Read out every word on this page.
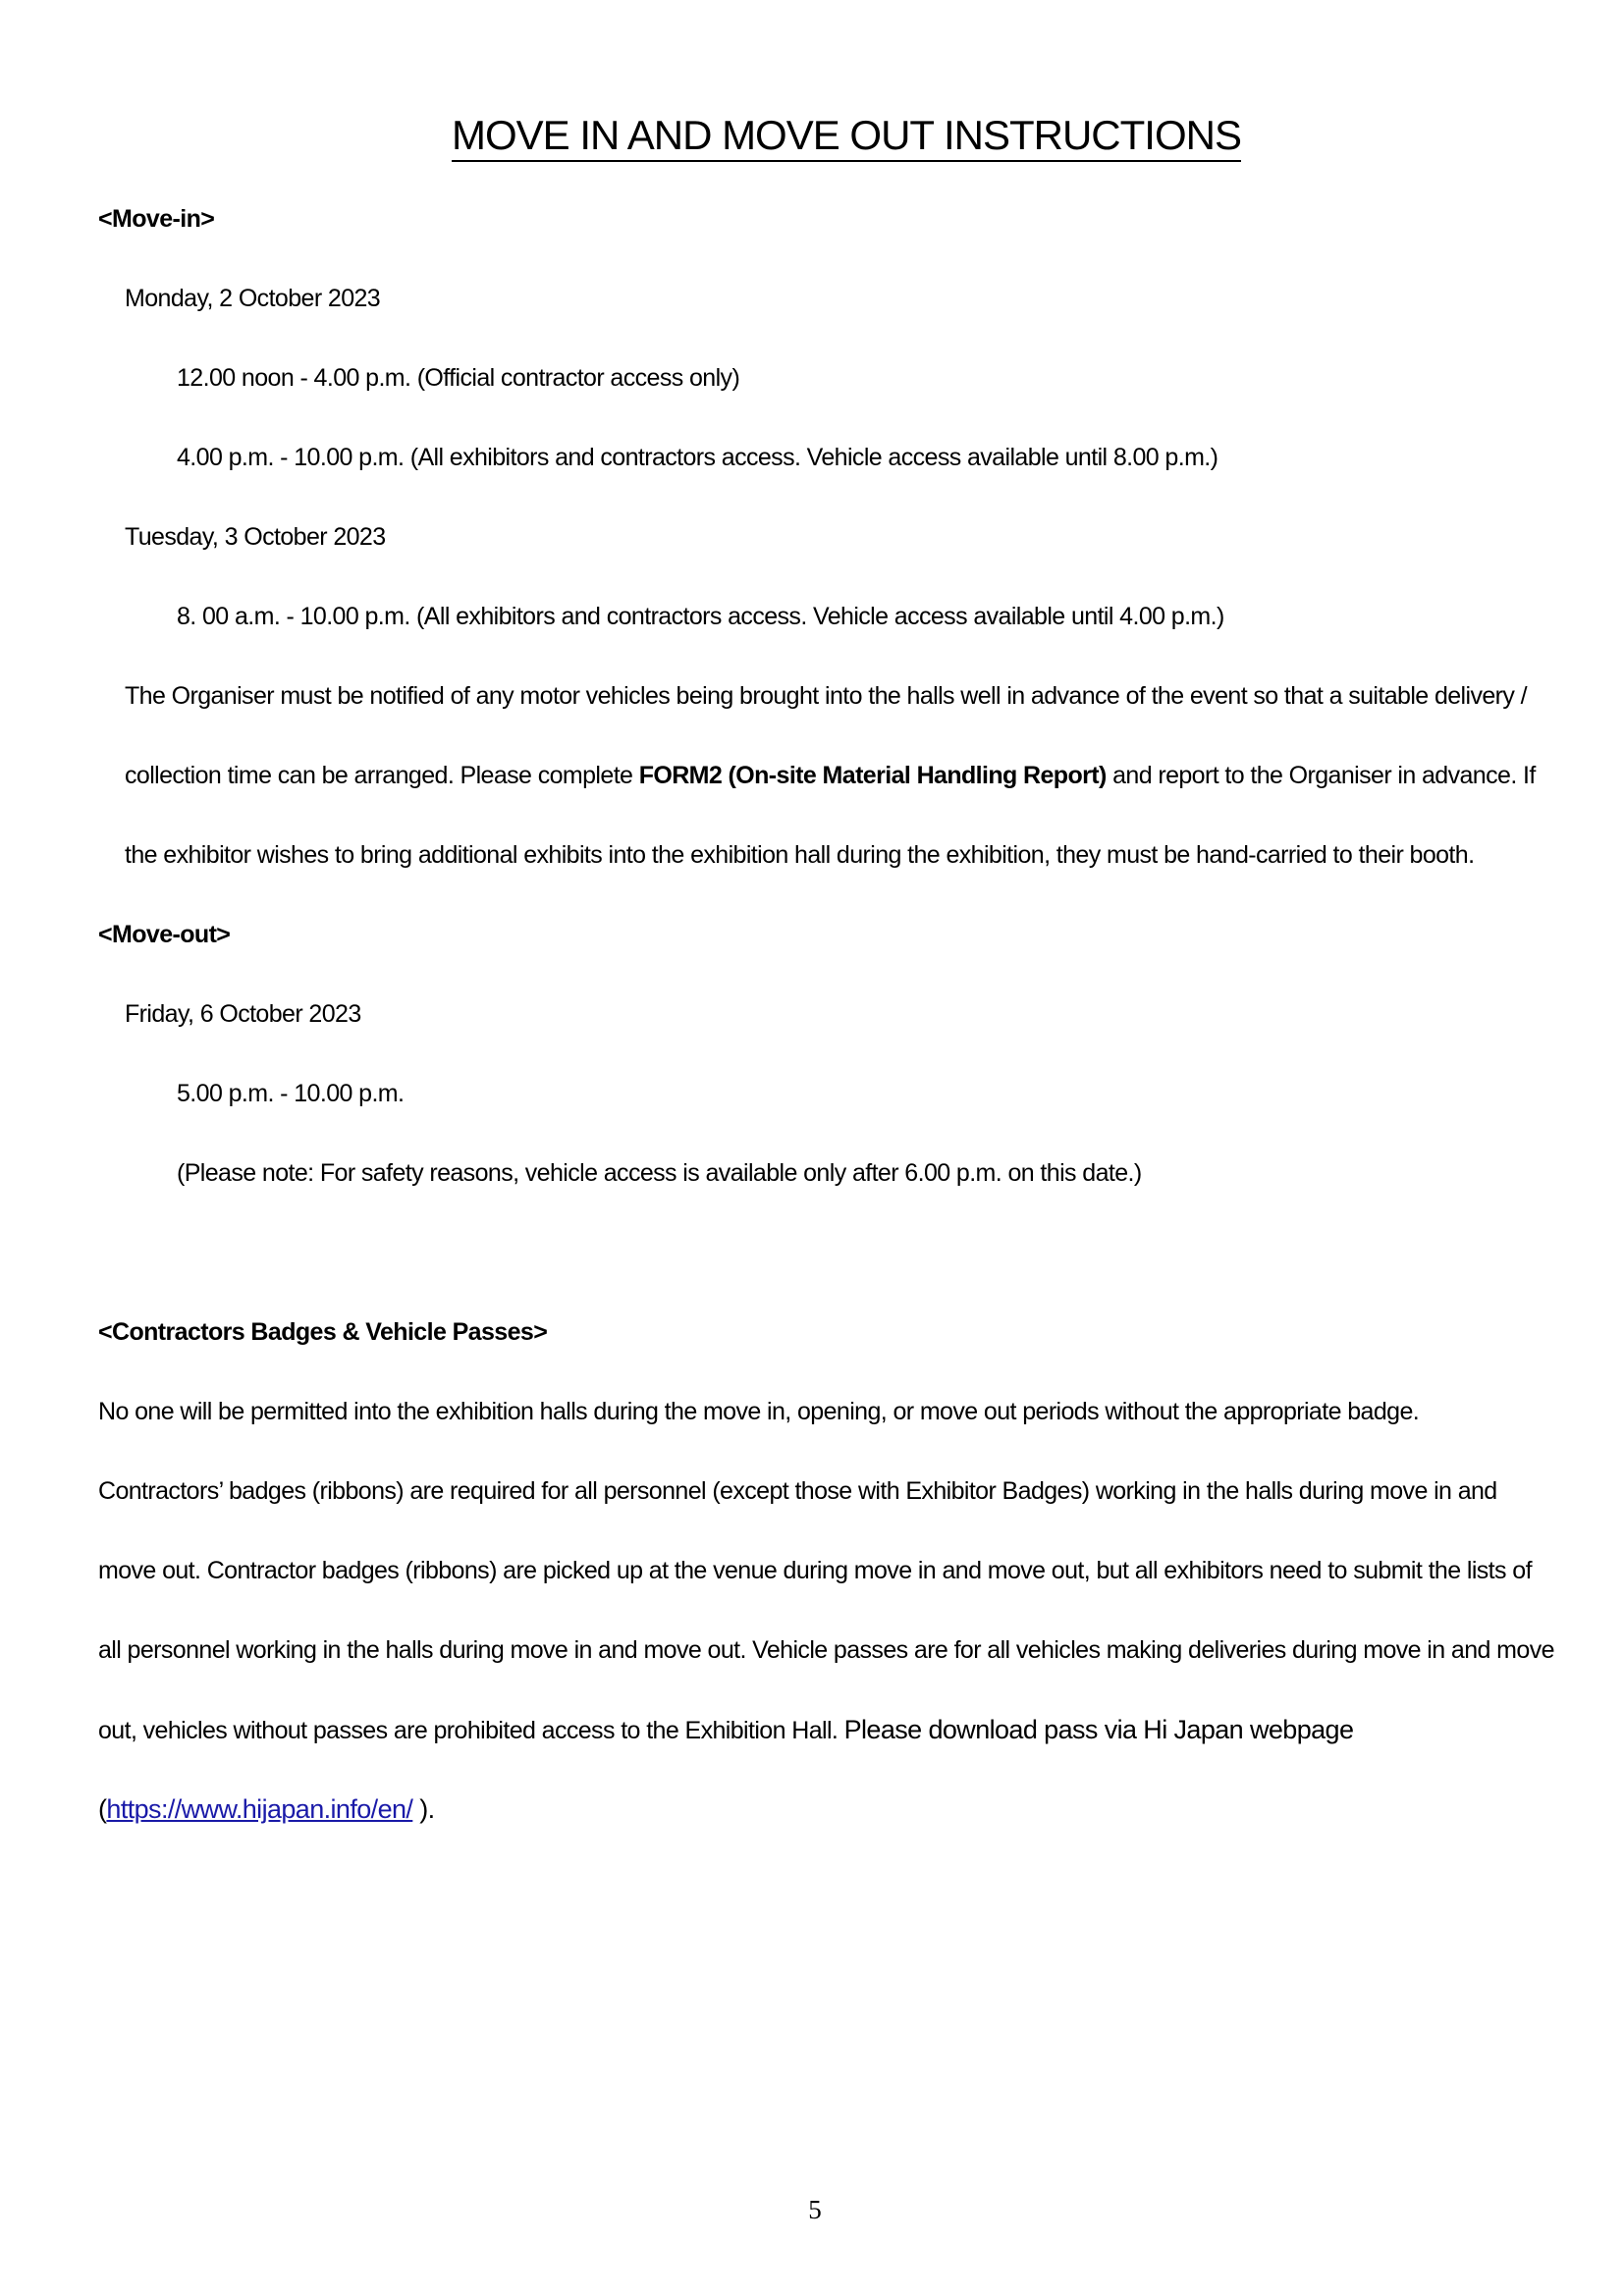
MOVE IN AND MOVE OUT INSTRUCTIONS

<Move-in>

Monday, 2 October 2023

12.00 noon - 4.00 p.m. (Official contractor access only)

4.00 p.m. - 10.00 p.m. (All exhibitors and contractors access. Vehicle access available until 8.00 p.m.)

Tuesday, 3 October 2023

8. 00 a.m. - 10.00 p.m. (All exhibitors and contractors access. Vehicle access available until 4.00 p.m.)

The Organiser must be notified of any motor vehicles being brought into the halls well in advance of the event so that a suitable delivery /

collection time can be arranged. Please complete FORM2 (On-site Material Handling Report) and report to the Organiser in advance. If

the exhibitor wishes to bring additional exhibits into the exhibition hall during the exhibition, they must be hand-carried to their booth.

<Move-out>

Friday, 6 October 2023

5.00 p.m. - 10.00 p.m.

(Please note: For safety reasons, vehicle access is available only after 6.00 p.m. on this date.)

<Contractors Badges & Vehicle Passes>

No one will be permitted into the exhibition halls during the move in, opening, or move out periods without the appropriate badge.

Contractors’ badges (ribbons) are required for all personnel (except those with Exhibitor Badges) working in the halls during move in and

move out. Contractor badges (ribbons) are picked up at the venue during move in and move out, but all exhibitors need to submit the lists of

all personnel working in the halls during move in and move out. Vehicle passes are for all vehicles making deliveries during move in and move

out, vehicles without passes are prohibited access to the Exhibition Hall. Please download pass via Hi Japan webpage

(https://www.hijapan.info/en/ ).

5
